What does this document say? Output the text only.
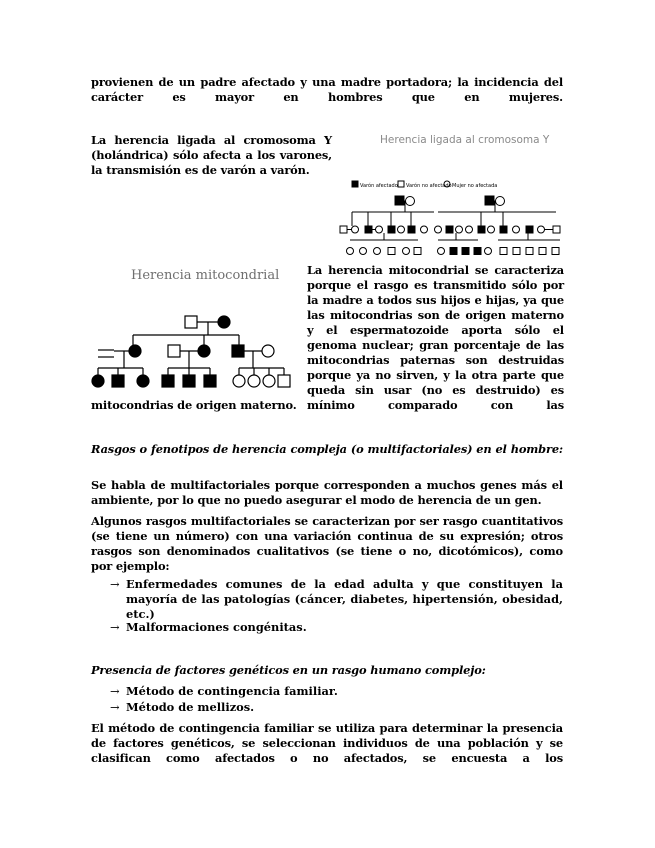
provienen de un padre afectado y una madre portadora; la incidencia del carácter es mayor en hombres que en mujeres.
La herencia ligada al cromosoma Y (holándrica) sólo afecta a los varones, la transmisión es de varón a varón.
Herencia ligada al cromosoma Y
Varón afectado Varón no afectado Mujer no afectada
Herencia mitocondrial La herencia mitocondrial se caracteriza porque el rasgo es transmitido sólo por la madre a todos sus hijos e hijas, ya que las mitocondrias son de origen materno y el espermatozoide aporta sólo el genoma nuclear; gran porcentaje de las mitocondrias paternas son destruidas porque ya no sirven, y la otra parte que queda sin usar (no es destruido) es mínimo comparado con las
mitocondrias de origen materno.
Rasgos o fenotipos de herencia compleja (o multifactoriales) en el hombre:
Se habla de multifactoriales porque corresponden a muchos genes más el ambiente, por lo que no puedo asegurar el modo de herencia de un gen.
Algunos rasgos multifactoriales se caracterizan por ser rasgo cuantitativos (se tiene un número) con una variación continua de su expresión; otros rasgos son denominados cualitativos (se tiene o no, dicotómicos), como por ejemplo:
→ Enfermedades comunes de la edad adulta y que constituyen la mayoría de las patologías (cáncer, diabetes, hipertensión, obesidad, etc.)
→ Malformaciones congénitas.
Presencia de factores genéticos en un rasgo humano complejo:
→ Método de contingencia familiar.
→ Método de mellizos.
El método de contingencia familiar se utiliza para determinar la presencia de factores genéticos, se seleccionan individuos de una población y se clasifican como afectados o no afectados, se encuesta a los
